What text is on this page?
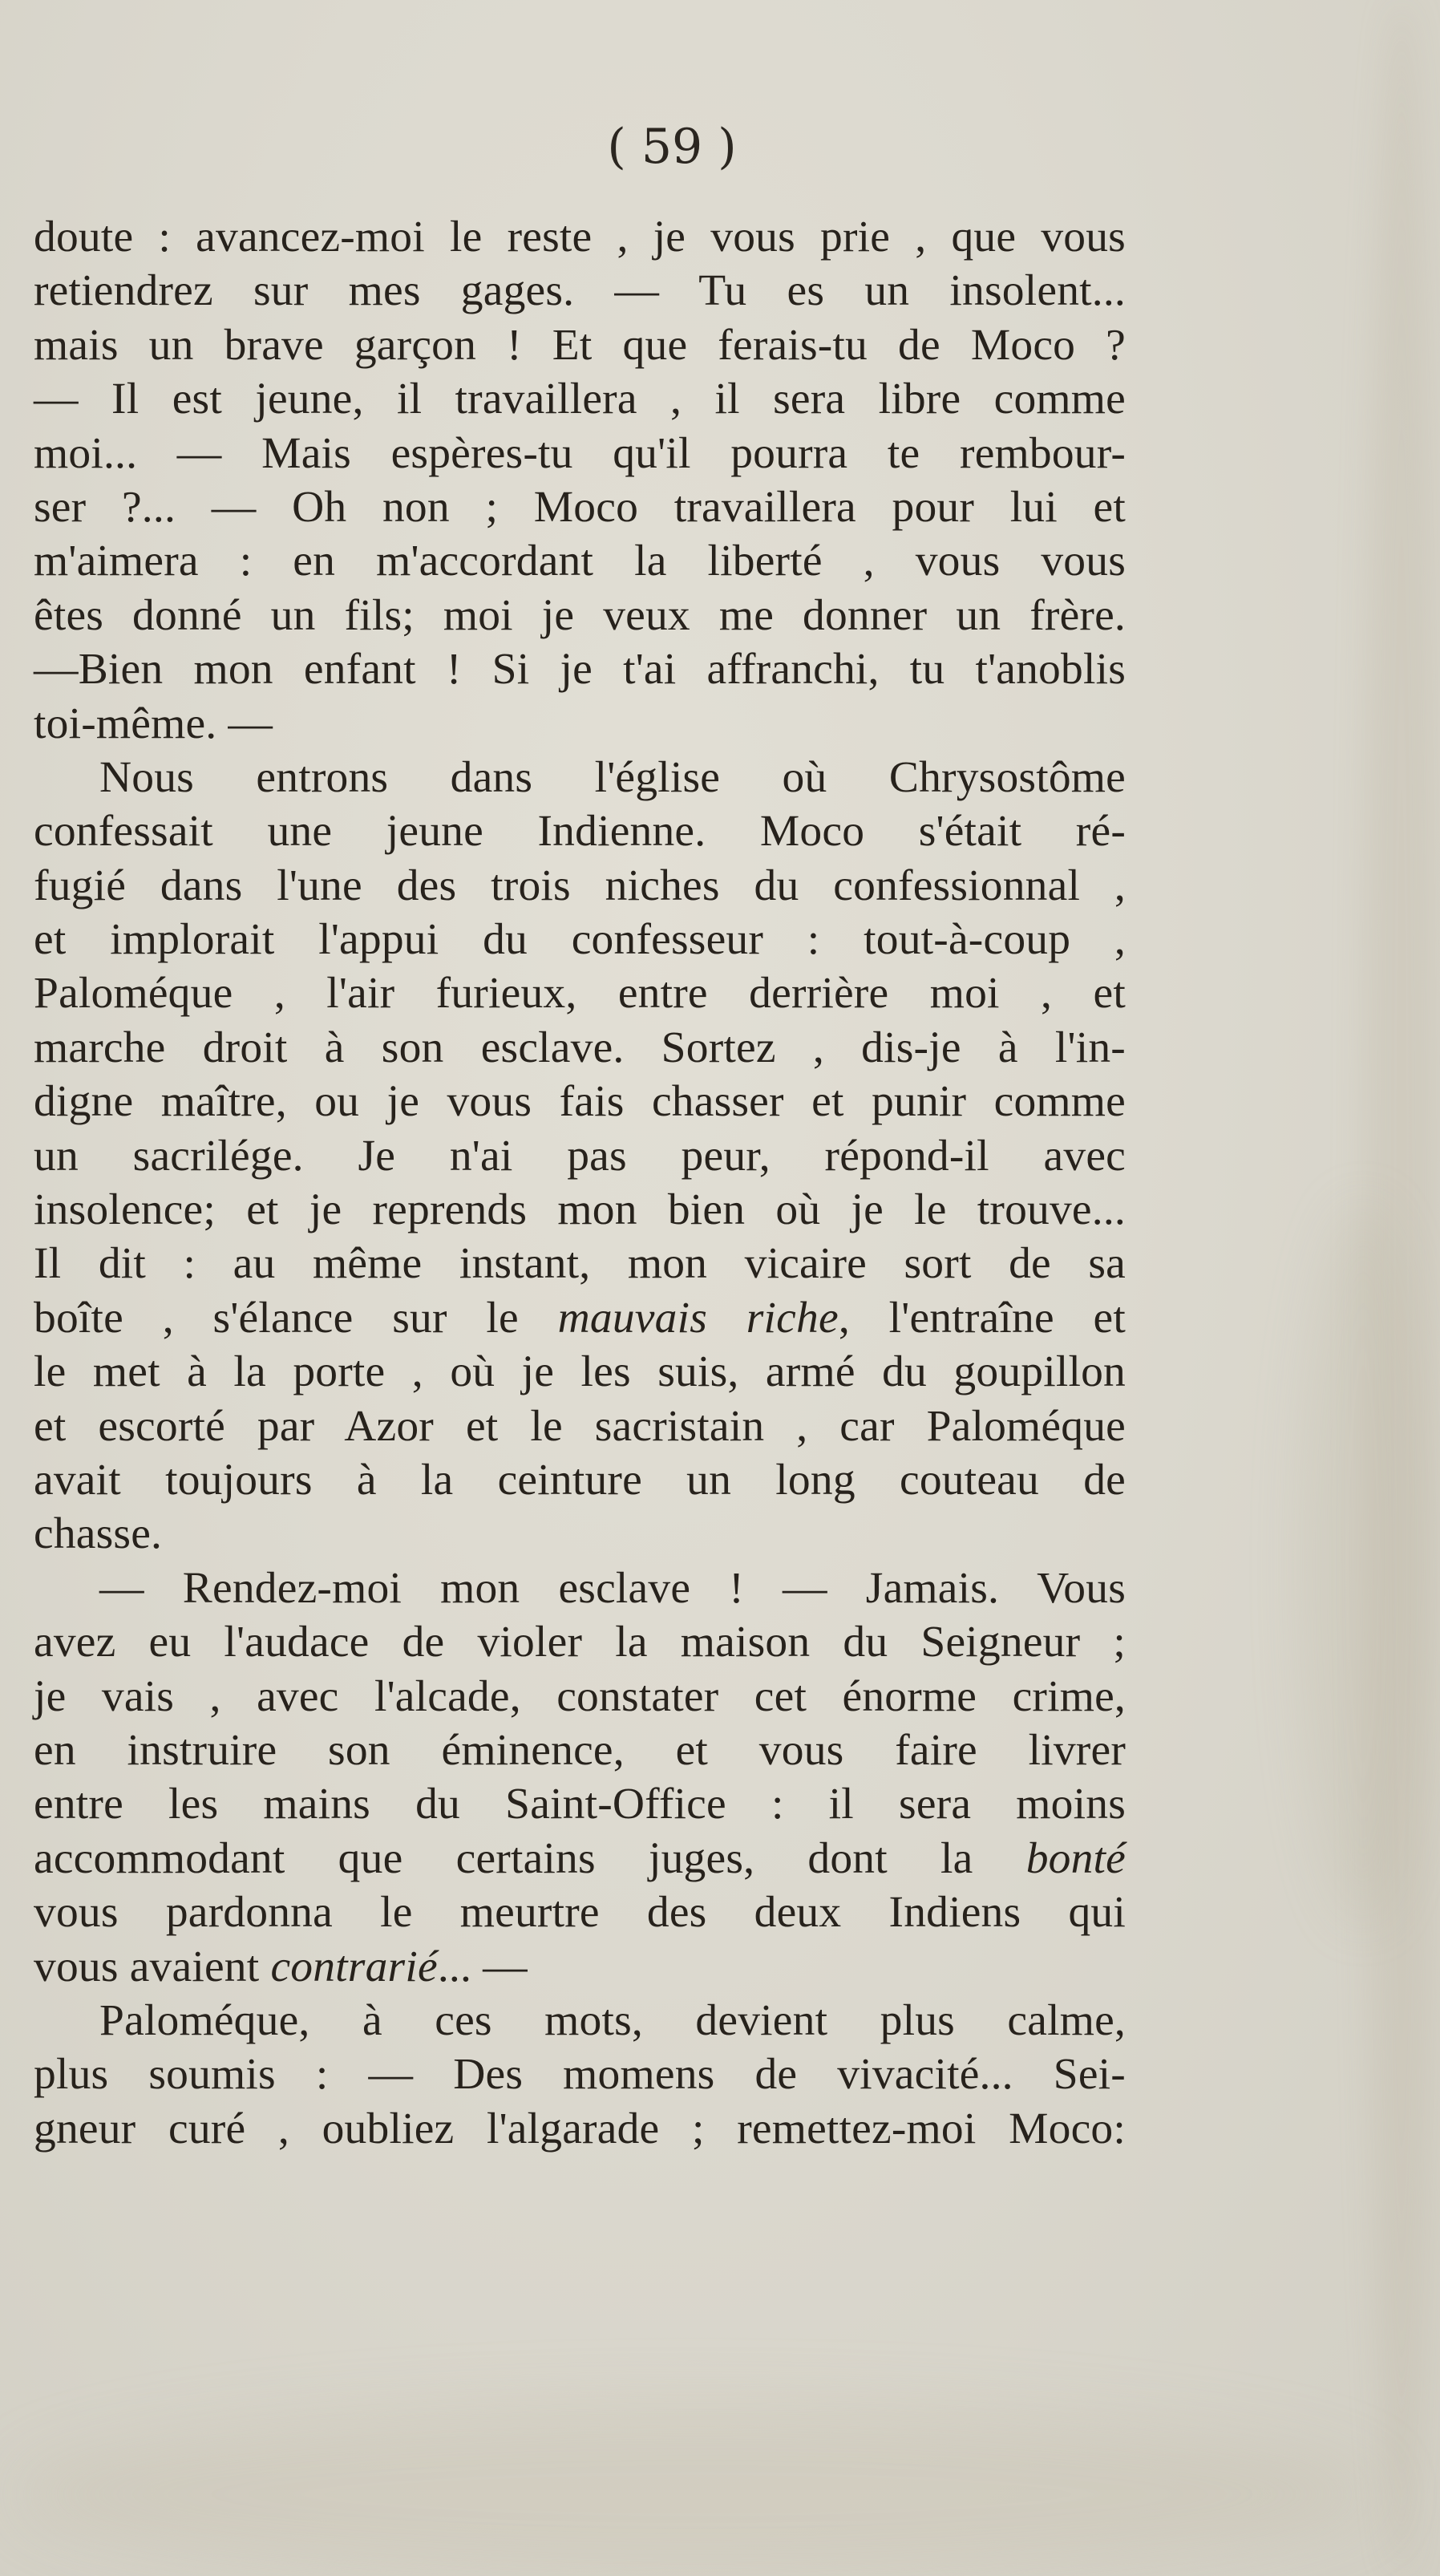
( 59 )
doute : avancez-moi le reste , je vous prie , que vous
retiendrez sur mes gages. — Tu es un insolent...
mais un brave garçon ! Et que ferais-tu de Moco ?
— Il est jeune, il travaillera , il sera libre comme
moi... — Mais espères-tu qu'il pourra te rembour-
ser ?... — Oh non ; Moco travaillera pour lui et
m'aimera : en m'accordant la liberté , vous vous
êtes donné un fils; moi je veux me donner un frère.
—Bien mon enfant ! Si je t'ai affranchi, tu t'anoblis
toi-même. —
Nous entrons dans l'église où Chrysostôme
confessait une jeune Indienne. Moco s'était ré-
fugié dans l'une des trois niches du confessionnal ,
et implorait l'appui du confesseur : tout-à-coup ,
Paloméque , l'air furieux, entre derrière moi , et
marche droit à son esclave. Sortez , dis-je à l'in-
digne maître, ou je vous fais chasser et punir comme
un sacrilége. Je n'ai pas peur, répond-il avec
insolence; et je reprends mon bien où je le trouve...
Il dit : au même instant, mon vicaire sort de sa
boîte , s'élance sur le mauvais riche, l'entraîne et
le met à la porte , où je les suis, armé du goupillon
et escorté par Azor et le sacristain , car Paloméque
avait toujours à la ceinture un long couteau de
chasse.
— Rendez-moi mon esclave ! — Jamais. Vous
avez eu l'audace de violer la maison du Seigneur ;
je vais , avec l'alcade, constater cet énorme crime,
en instruire son éminence, et vous faire livrer
entre les mains du Saint-Office : il sera moins
accommodant que certains juges, dont la bonté
vous pardonna le meurtre des deux Indiens qui
vous avaient contrarié... —
Paloméque, à ces mots, devient plus calme,
plus soumis : — Des momens de vivacité... Sei-
gneur curé , oubliez l'algarade ; remettez-moi Moco:
